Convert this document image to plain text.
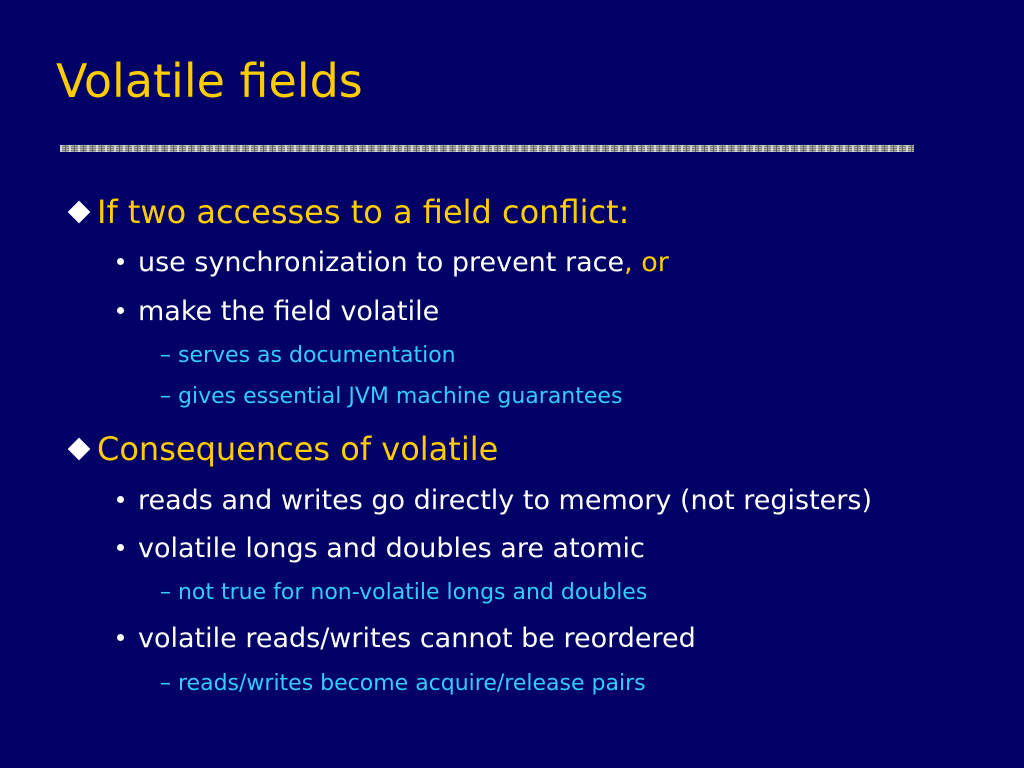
Volatile fields
If two accesses to a field conflict:
use synchronization to prevent race, or
make the field volatile
– serves as documentation
– gives essential JVM machine guarantees
Consequences of volatile
reads and writes go directly to memory (not registers)
volatile longs and doubles are atomic
– not true for non-volatile longs and doubles
volatile reads/writes cannot be reordered
– reads/writes become acquire/release pairs
